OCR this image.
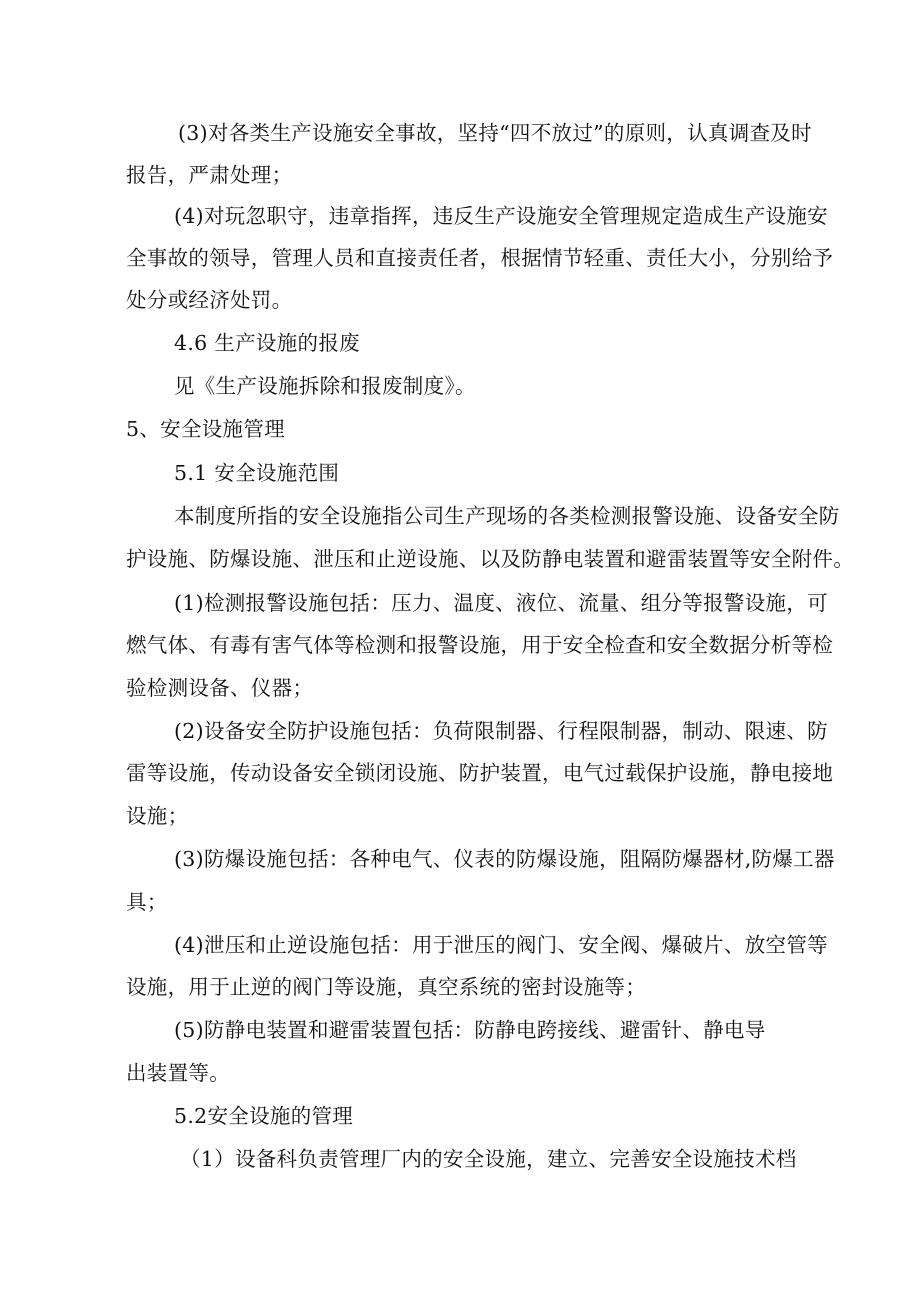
(3)对各类生产设施安全事故，坚持“四不放过”的原则，认真调查及时
报告，严肃处理；
(4)对玩忽职守，违章指挥，违反生产设施安全管理规定造成生产设施安
全事故的领导，管理人员和直接责任者，根据情节轻重、责任大小，分别给予
处分或经济处罚。
4.6 生产设施的报废
见《生产设施拆除和报废制度》。
5、安全设施管理
5.1 安全设施范围
本制度所指的安全设施指公司生产现场的各类检测报警设施、设备安全防
护设施、防爆设施、泄压和止逆设施、以及防静电装置和避雷装置等安全附件。
(1)检测报警设施包括：压力、温度、液位、流量、组分等报警设施，可
燃气体、有毒有害气体等检测和报警设施，用于安全检查和安全数据分析等检
验检测设备、仪器；
(2)设备安全防护设施包括：负荷限制器、行程限制器，制动、限速、防
雷等设施，传动设备安全锁闭设施、防护装置，电气过载保护设施，静电接地
设施；
(3)防爆设施包括：各种电气、仪表的防爆设施，阻隔防爆器材,防爆工器
具；
(4)泄压和止逆设施包括：用于泄压的阀门、安全阀、爆破片、放空管等
设施，用于止逆的阀门等设施，真空系统的密封设施等；
(5)防静电装置和避雷装置包括：防静电跨接线、避雷针、静电导
出装置等。
5.2安全设施的管理
（1）设备科负责管理厂内的安全设施，建立、完善安全设施技术档
